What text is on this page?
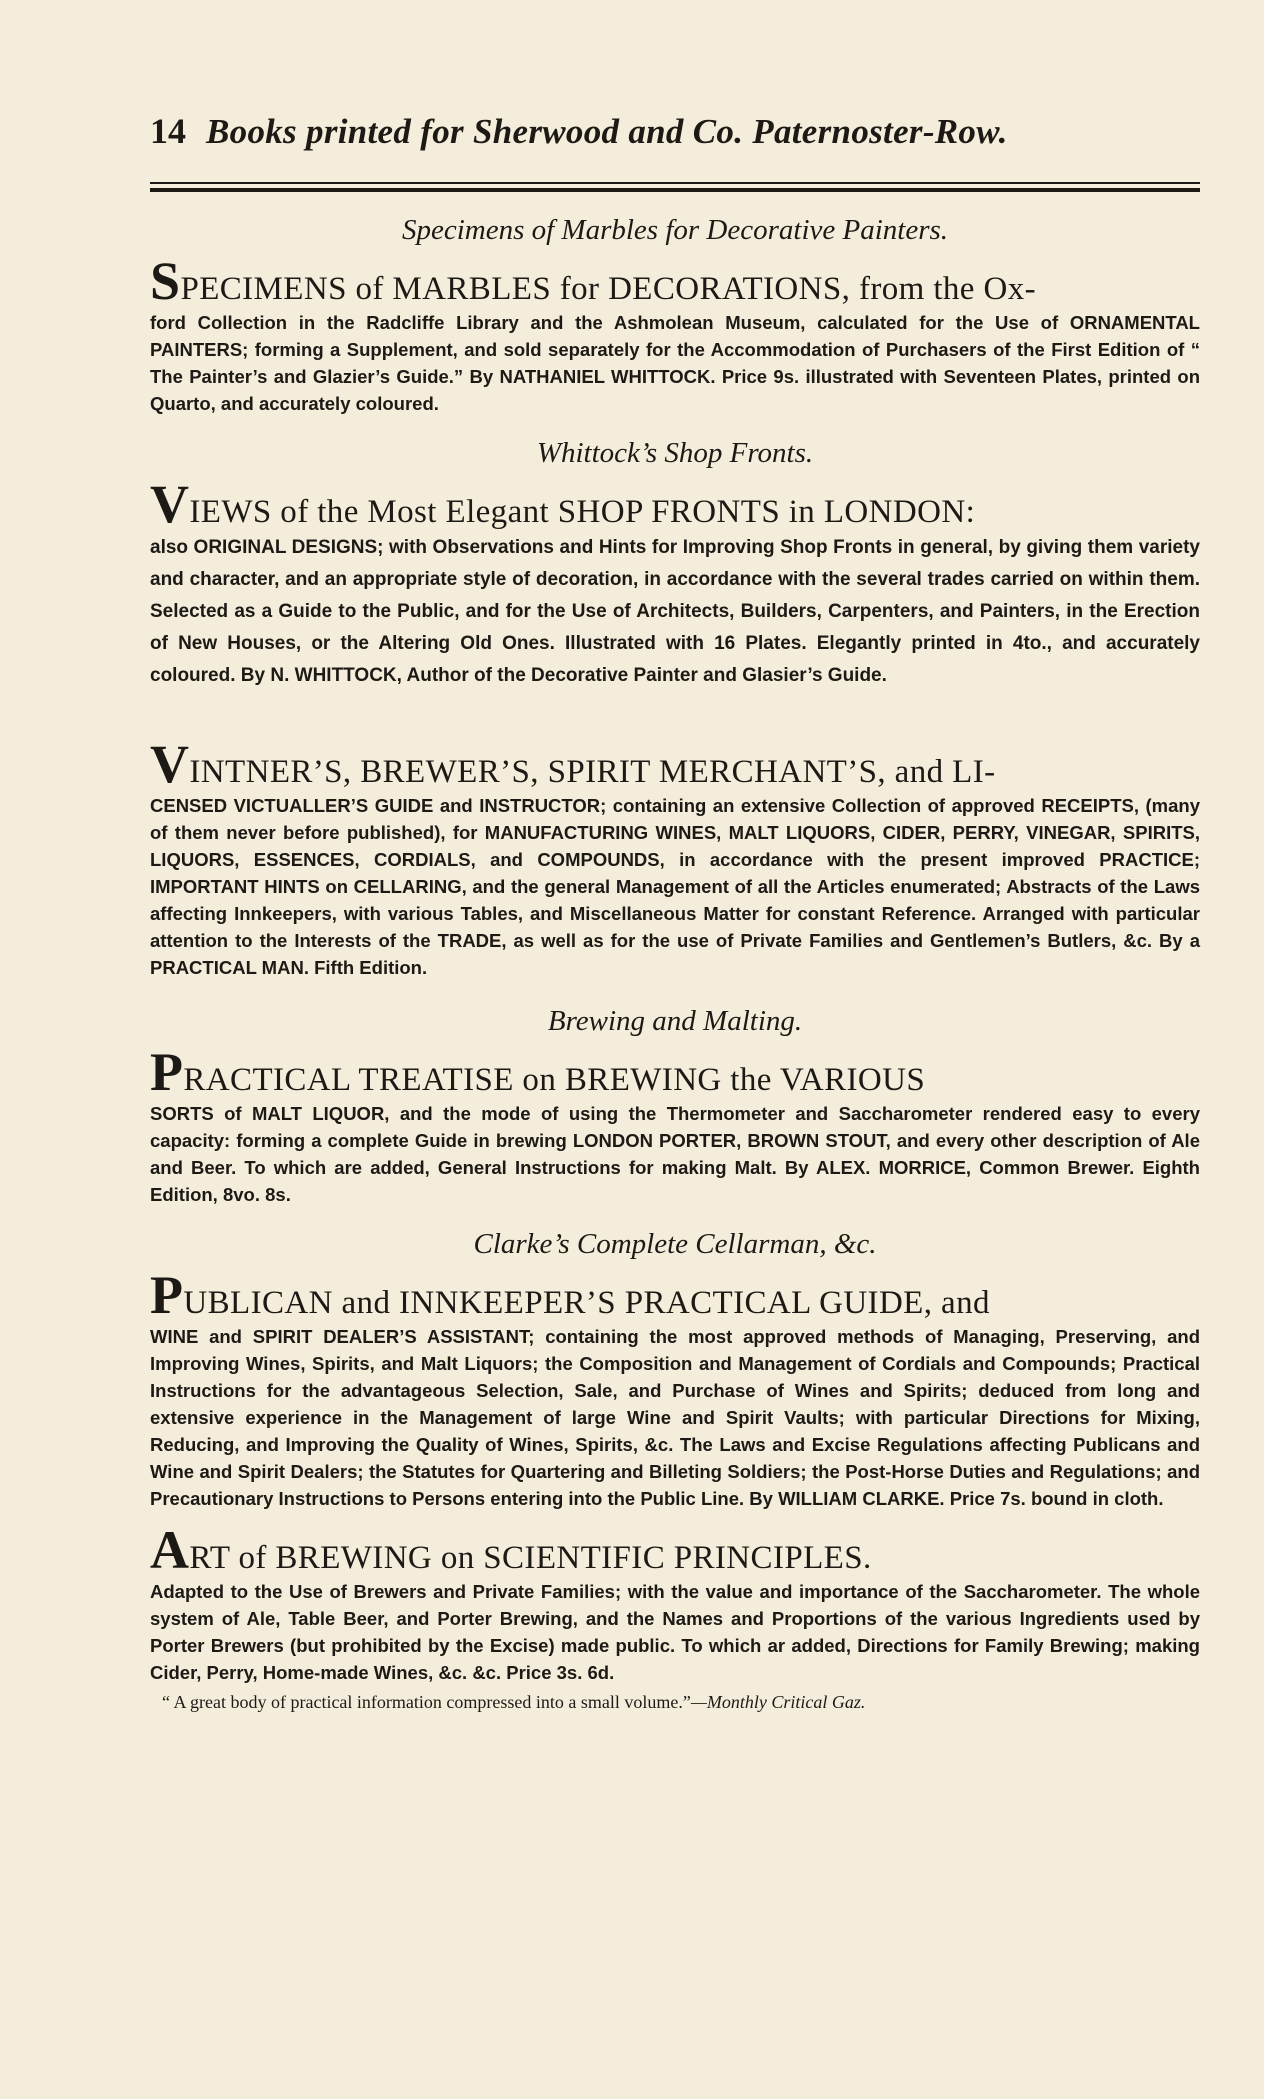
14 Books printed for Sherwood and Co. Paternoster-Row.
Specimens of Marbles for Decorative Painters.
SPECIMENS of MARBLES for DECORATIONS, from the Ox-
ford Collection in the Radcliffe Library and the Ashmolean Museum, calculated for the Use of ORNAMENTAL PAINTERS; forming a Supplement, and sold separately for the Accommodation of Purchasers of the First Edition of “ The Painter’s and Glazier’s Guide.” By NATHANIEL WHITTOCK. Price 9s. illustrated with Seventeen Plates, printed on Quarto, and accurately coloured.
Whittock’s Shop Fronts.
VIEWS of the Most Elegant SHOP FRONTS in LONDON:
also ORIGINAL DESIGNS; with Observations and Hints for Improving Shop Fronts in general, by giving them variety and character, and an appropriate style of decoration, in accordance with the several trades carried on within them. Selected as a Guide to the Public, and for the Use of Architects, Builders, Carpenters, and Painters, in the Erection of New Houses, or the Altering Old Ones. Illustrated with 16 Plates. Elegantly printed in 4to., and accurately coloured. By N. WHITTOCK, Author of the Decorative Painter and Glasier’s Guide.
VINTNER’S, BREWER’S, SPIRIT MERCHANT’S, and LI-
CENSED VICTUALLER’S GUIDE and INSTRUCTOR; containing an extensive Collection of approved RECEIPTS, (many of them never before published), for MANUFACTURING WINES, MALT LIQUORS, CIDER, PERRY, VINEGAR, SPIRITS, LIQUORS, ESSENCES, CORDIALS, and COMPOUNDS, in accordance with the present improved PRACTICE; IMPORTANT HINTS on CELLARING, and the general Management of all the Articles enumerated; Abstracts of the Laws affecting Innkeepers, with various Tables, and Miscellaneous Matter for constant Reference. Arranged with particular attention to the Interests of the TRADE, as well as for the use of Private Families and Gentlemen’s Butlers, &c. By a PRACTICAL MAN. Fifth Edition.
Brewing and Malting.
PRACTICAL TREATISE on BREWING the VARIOUS
SORTS of MALT LIQUOR, and the mode of using the Thermometer and Saccharometer rendered easy to every capacity: forming a complete Guide in brewing LONDON PORTER, BROWN STOUT, and every other description of Ale and Beer. To which are added, General Instructions for making Malt. By ALEX. MORRICE, Common Brewer. Eighth Edition, 8vo. 8s.
Clarke’s Complete Cellarman, &c.
PUBLICAN and INNKEEPER’S PRACTICAL GUIDE, and
WINE and SPIRIT DEALER’S ASSISTANT; containing the most approved methods of Managing, Preserving, and Improving Wines, Spirits, and Malt Liquors; the Composition and Management of Cordials and Compounds; Practical Instructions for the advantageous Selection, Sale, and Purchase of Wines and Spirits; deduced from long and extensive experience in the Management of large Wine and Spirit Vaults; with particular Directions for Mixing, Reducing, and Improving the Quality of Wines, Spirits, &c. The Laws and Excise Regulations affecting Publicans and Wine and Spirit Dealers; the Statutes for Quartering and Billeting Soldiers; the Post-Horse Duties and Regulations; and Precautionary Instructions to Persons entering into the Public Line. By WILLIAM CLARKE. Price 7s. bound in cloth.
ART of BREWING on SCIENTIFIC PRINCIPLES.
Adapted to the Use of Brewers and Private Families; with the value and importance of the Saccharometer. The whole system of Ale, Table Beer, and Porter Brewing, and the Names and Proportions of the various Ingredients used by Porter Brewers (but prohibited by the Excise) made public. To which ar added, Directions for Family Brewing; making Cider, Perry, Home-made Wines, &c. &c. Price 3s. 6d.
“ A great body of practical information compressed into a small volume.”—Monthly Critical Gaz.
